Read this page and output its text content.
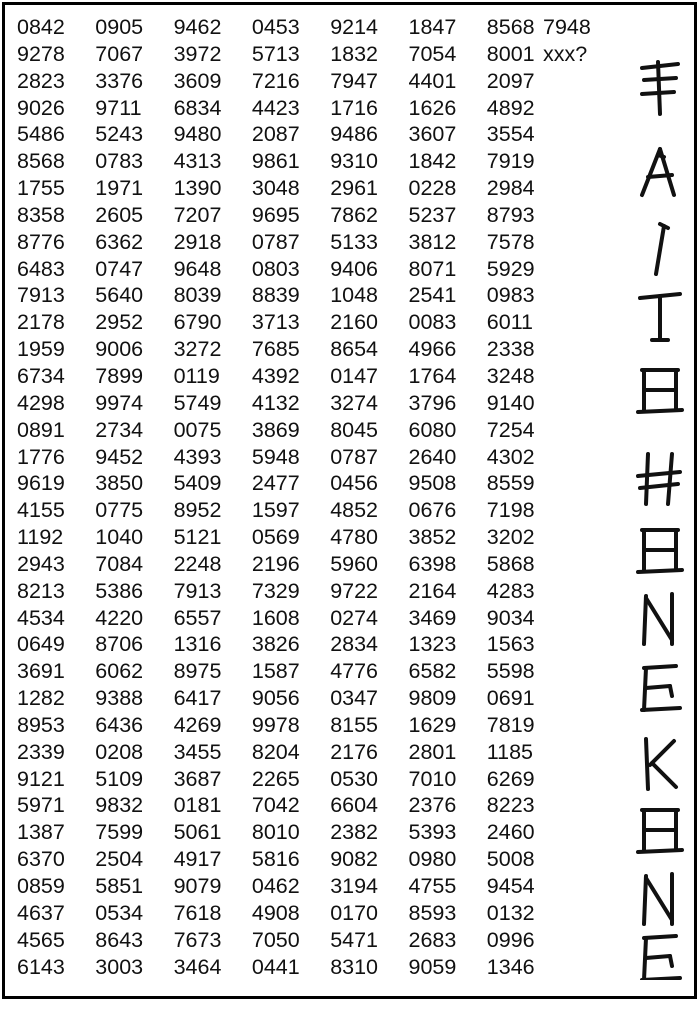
0842 0905 9462 0453 9214 1847 8568
9278 7067 3972 5713 1832 7054 8001
2823 3376 3609 7216 7947 4401 2097
9026 9711 6834 4423 1716 1626 4892
5486 5243 9480 2087 9486 3607 3554
8568 0783 4313 9861 9310 1842 7919
1755 1971 1390 3048 2961 0228 2984
8358 2605 7207 9695 7862 5237 8793
8776 6362 2918 0787 5133 3812 7578
6483 0747 9648 0803 9406 8071 5929
7913 5640 8039 8839 1048 2541 0983
2178 2952 6790 3713 2160 0083 6011
1959 9006 3272 7685 8654 4966 2338
6734 7899 0119 4392 0147 1764 3248
4298 9974 5749 4132 3274 3796 9140
0891 2734 0075 3869 8045 6080 7254
1776 9452 4393 5948 0787 2640 4302
9619 3850 5409 2477 0456 9508 8559
4155 0775 8952 1597 4852 0676 7198
1192 1040 5121 0569 4780 3852 3202
2943 7084 2248 2196 5960 6398 5868
8213 5386 7913 7329 9722 2164 4283
4534 4220 6557 1608 0274 3469 9034
0649 8706 1316 3826 2834 1323 1563
3691 6062 8975 1587 4776 6582 5598
1282 9388 6417 9056 0347 9809 0691
8953 6436 4269 9978 8155 1629 7819
2339 0208 3455 8204 2176 2801 1185
9121 5109 3687 2265 0530 7010 6269
5971 9832 0181 7042 6604 2376 8223
1387 7599 5061 8010 2382 5393 2460
6370 2504 4917 5816 9082 0980 5008
0859 5851 9079 0462 3194 4755 9454
4637 0534 7618 4908 0170 8593 0132
4565 8643 7673 7050 5471 2683 0996
6143 3003 3464 0441 8310 9059 1346
7948
xxx?
